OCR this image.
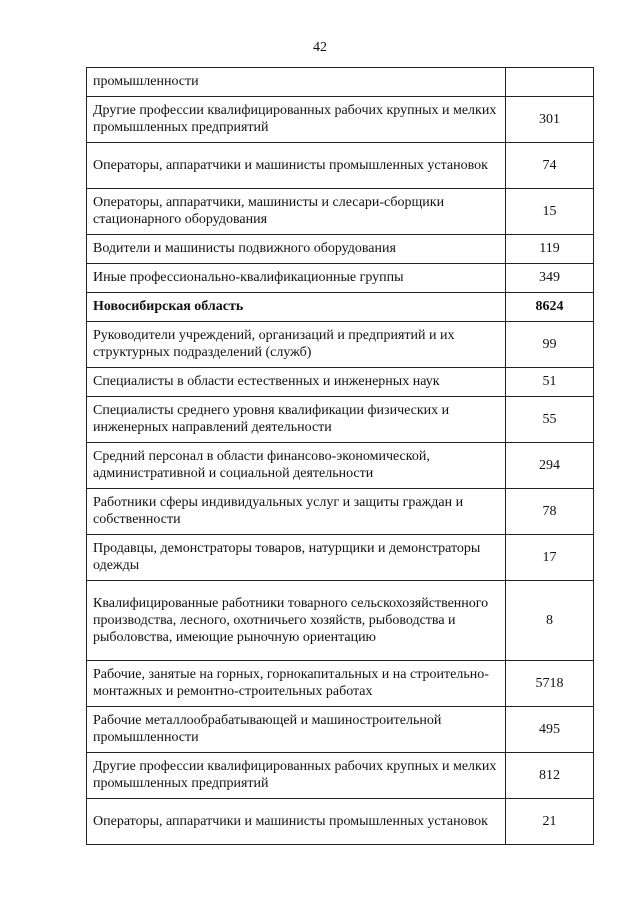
42
промышленности	
Другие профессии квалифицированных рабочих крупных и мелких промышленных предприятий	301
Операторы, аппаратчики и машинисты промышленных установок	74
Операторы, аппаратчики, машинисты и слесари-сборщики стационарного оборудования	15
Водители и машинисты подвижного оборудования	119
Иные профессионально-квалификационные группы	349
Новосибирская область	8624
Руководители учреждений, организаций и предприятий и их структурных подразделений (служб)	99
Специалисты в области естественных и инженерных наук	51
Специалисты среднего уровня квалификации физических и инженерных направлений деятельности	55
Средний персонал в области финансово-экономической, административной и социальной деятельности	294
Работники сферы индивидуальных услуг и защиты граждан и собственности	78
Продавцы, демонстраторы товаров, натурщики и демонстраторы одежды	17
Квалифицированные работники товарного сельскохозяйственного производства, лесного, охотничьего хозяйств, рыбоводства и рыболовства, имеющие рыночную ориентацию	8
Рабочие, занятые на горных, горнокапитальных и на строительно-монтажных и ремонтно-строительных работах	5718
Рабочие металлообрабатывающей и машиностроительной промышленности	495
Другие профессии квалифицированных рабочих крупных и мелких промышленных предприятий	812
Операторы, аппаратчики и машинисты промышленных установок	21
